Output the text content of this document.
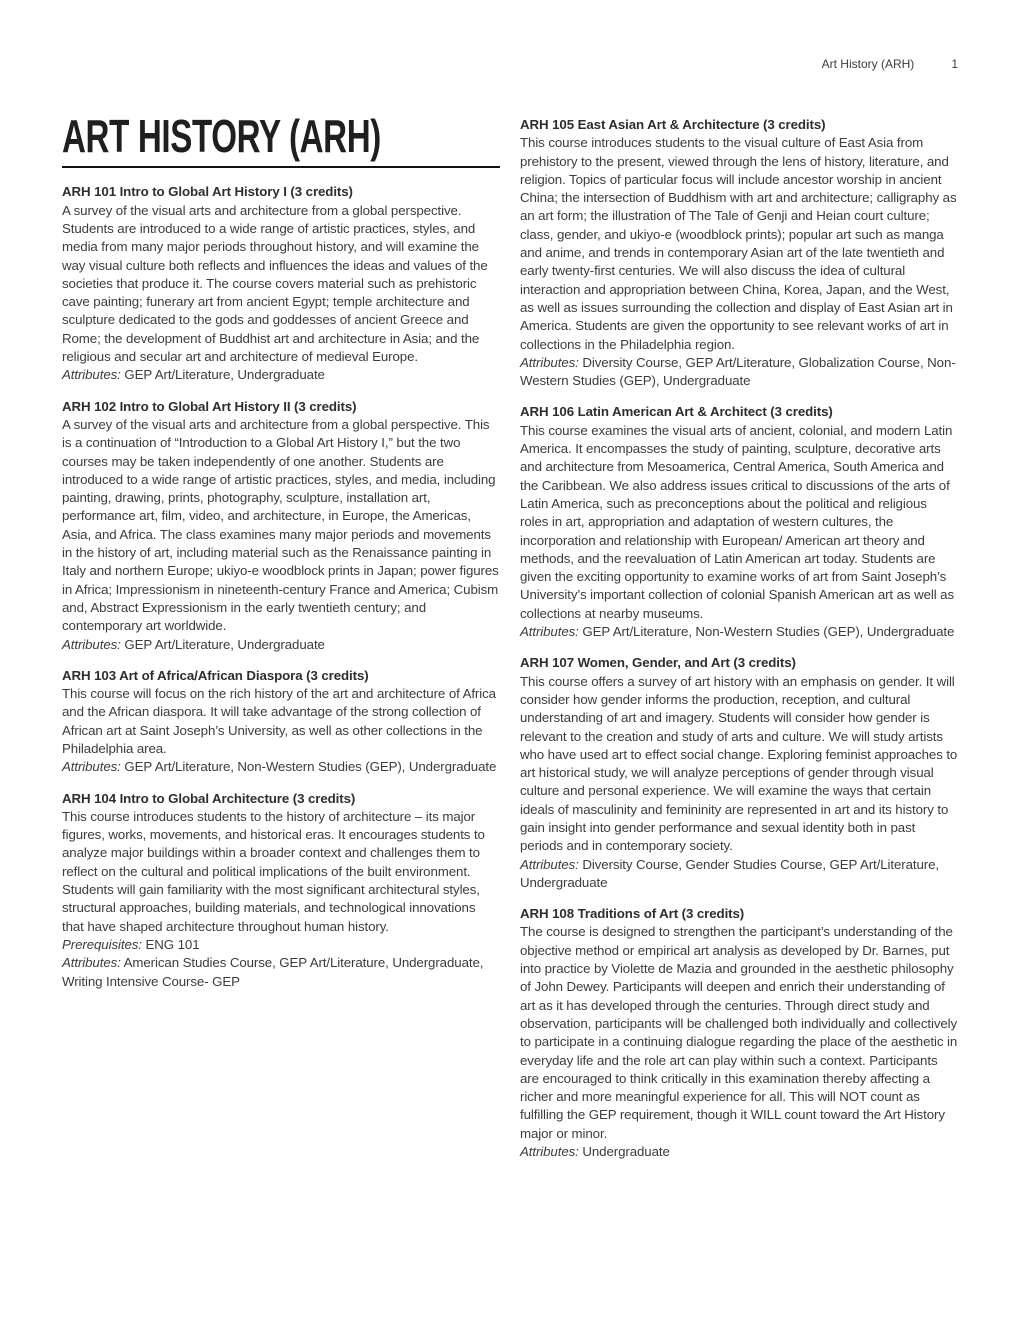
Art History (ARH)	1
ART HISTORY (ARH)
ARH 101 Intro to Global Art History I (3 credits)

A survey of the visual arts and architecture from a global perspective. Students are introduced to a wide range of artistic practices, styles, and media from many major periods throughout history, and will examine the way visual culture both reflects and influences the ideas and values of the societies that produce it. The course covers material such as prehistoric cave painting; funerary art from ancient Egypt; temple architecture and sculpture dedicated to the gods and goddesses of ancient Greece and Rome; the development of Buddhist art and architecture in Asia; and the religious and secular art and architecture of medieval Europe.

Attributes: GEP Art/Literature, Undergraduate

ARH 102 Intro to Global Art History II (3 credits)

A survey of the visual arts and architecture from a global perspective. This is a continuation of “Introduction to a Global Art History I,” but the two courses may be taken independently of one another. Students are introduced to a wide range of artistic practices, styles, and media, including painting, drawing, prints, photography, sculpture, installation art, performance art, film, video, and architecture, in Europe, the Americas, Asia, and Africa. The class examines many major periods and movements in the history of art, including material such as the Renaissance painting in Italy and northern Europe; ukiyo-e woodblock prints in Japan; power figures in Africa; Impressionism in nineteenth-century France and America; Cubism and, Abstract Expressionism in the early twentieth century; and contemporary art worldwide.

Attributes: GEP Art/Literature, Undergraduate

ARH 103 Art of Africa/African Diaspora (3 credits)

This course will focus on the rich history of the art and architecture of Africa and the African diaspora. It will take advantage of the strong collection of African art at Saint Joseph’s University, as well as other collections in the Philadelphia area.

Attributes: GEP Art/Literature, Non-Western Studies (GEP), Undergraduate

ARH 104 Intro to Global Architecture (3 credits)

This course introduces students to the history of architecture – its major figures, works, movements, and historical eras. It encourages students to analyze major buildings within a broader context and challenges them to reflect on the cultural and political implications of the built environment. Students will gain familiarity with the most significant architectural styles, structural approaches, building materials, and technological innovations that have shaped architecture throughout human history.

Prerequisites: ENG 101

Attributes: American Studies Course, GEP Art/Literature, Undergraduate, Writing Intensive Course- GEP

ARH 105 East Asian Art & Architecture (3 credits)

This course introduces students to the visual culture of East Asia from prehistory to the present, viewed through the lens of history, literature, and religion. Topics of particular focus will include ancestor worship in ancient China; the intersection of Buddhism with art and architecture; calligraphy as an art form; the illustration of The Tale of Genji and Heian court culture; class, gender, and ukiyo-e (woodblock prints); popular art such as manga and anime, and trends in contemporary Asian art of the late twentieth and early twenty-first centuries. We will also discuss the idea of cultural interaction and appropriation between China, Korea, Japan, and the West, as well as issues surrounding the collection and display of East Asian art in America. Students are given the opportunity to see relevant works of art in collections in the Philadelphia region.

Attributes: Diversity Course, GEP Art/Literature, Globalization Course, Non-Western Studies (GEP), Undergraduate

ARH 106 Latin American Art & Architect (3 credits)

This course examines the visual arts of ancient, colonial, and modern Latin America. It encompasses the study of painting, sculpture, decorative arts and architecture from Mesoamerica, Central America, South America and the Caribbean. We also address issues critical to discussions of the arts of Latin America, such as preconceptions about the political and religious roles in art, appropriation and adaptation of western cultures, the incorporation and relationship with European/ American art theory and methods, and the reevaluation of Latin American art today. Students are given the exciting opportunity to examine works of art from Saint Joseph’s University’s important collection of colonial Spanish American art as well as collections at nearby museums.

Attributes: GEP Art/Literature, Non-Western Studies (GEP), Undergraduate

ARH 107 Women, Gender, and Art (3 credits)

This course offers a survey of art history with an emphasis on gender. It will consider how gender informs the production, reception, and cultural understanding of art and imagery. Students will consider how gender is relevant to the creation and study of arts and culture. We will study artists who have used art to effect social change. Exploring feminist approaches to art historical study, we will analyze perceptions of gender through visual culture and personal experience. We will examine the ways that certain ideals of masculinity and femininity are represented in art and its history to gain insight into gender performance and sexual identity both in past periods and in contemporary society.

Attributes: Diversity Course, Gender Studies Course, GEP Art/Literature, Undergraduate

ARH 108 Traditions of Art (3 credits)

The course is designed to strengthen the participant’s understanding of the objective method or empirical art analysis as developed by Dr. Barnes, put into practice by Violette de Mazia and grounded in the aesthetic philosophy of John Dewey. Participants will deepen and enrich their understanding of art as it has developed through the centuries. Through direct study and observation, participants will be challenged both individually and collectively to participate in a continuing dialogue regarding the place of the aesthetic in everyday life and the role art can play within such a context. Participants are encouraged to think critically in this examination thereby affecting a richer and more meaningful experience for all. This will NOT count as fulfilling the GEP requirement, though it WILL count toward the Art History major or minor.

Attributes: Undergraduate
